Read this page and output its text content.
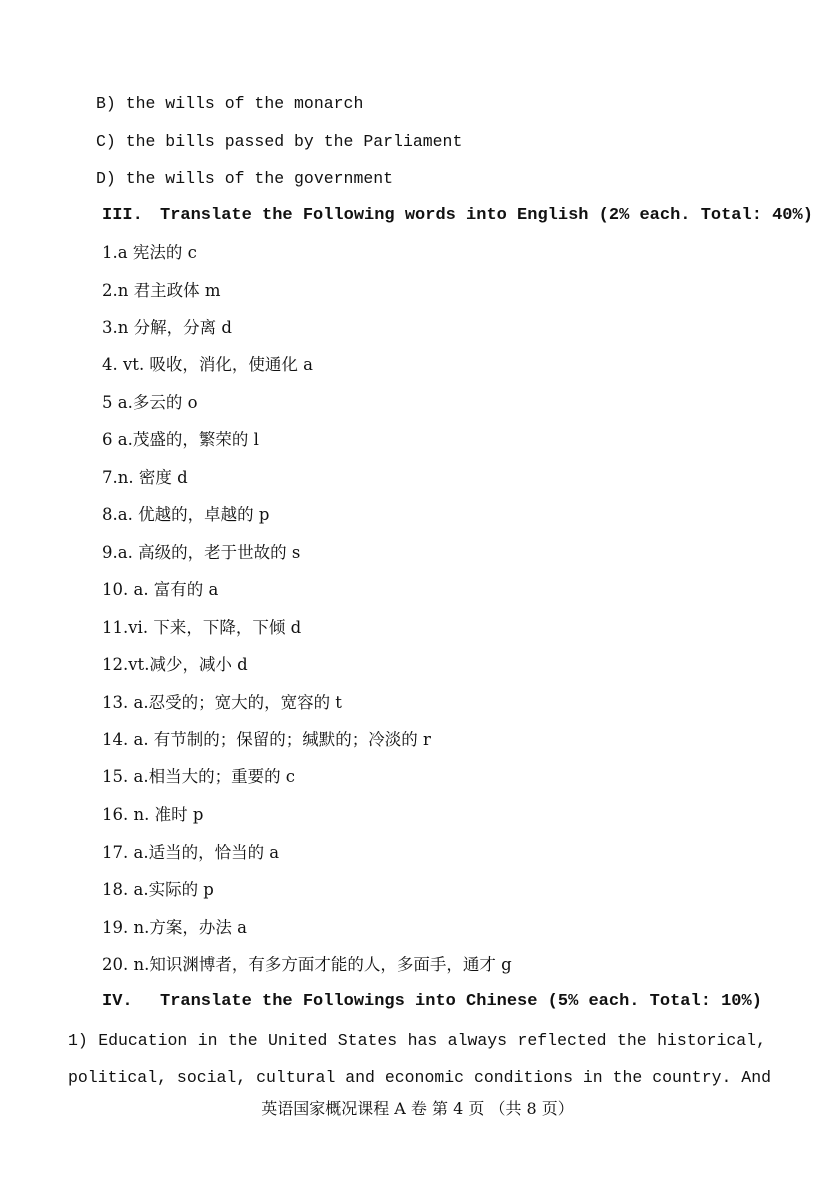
B) the wills of the monarch
C) the bills passed by the Parliament
D) the wills of the government
III. Translate the Following words into English (2% each. Total: 40%)
1.a 宪法的 c
2.n 君主政体 m
3.n 分解，分离 d
4. vt. 吸收，消化，使通化 a
5 a.多云的 o
6 a.茂盛的，繁荣的 l
7.n. 密度 d
8.a. 优越的，卓越的 p
9.a. 高级的，老于世故的 s
10. a. 富有的 a
11.vi. 下来，下降，下倾 d
12.vt.减少，减小 d
13. a.忍受的；宽大的，宽容的 t
14. a. 有节制的；保留的；缄默的；冷淡的 r
15. a.相当大的；重要的 c
16. n. 准时 p
17. a.适当的，恰当的 a
18. a.实际的 p
19. n.方案，办法 a
20. n.知识渊博者，有多方面才能的人，多面手，通才 g
IV. Translate the Followings into Chinese (5% each. Total: 10%)
1) Education in the United States has always reflected the historical,
political, social, cultural and economic conditions in the country. And
英语国家概况课程 A 卷 第 4 页 （共 8 页）
